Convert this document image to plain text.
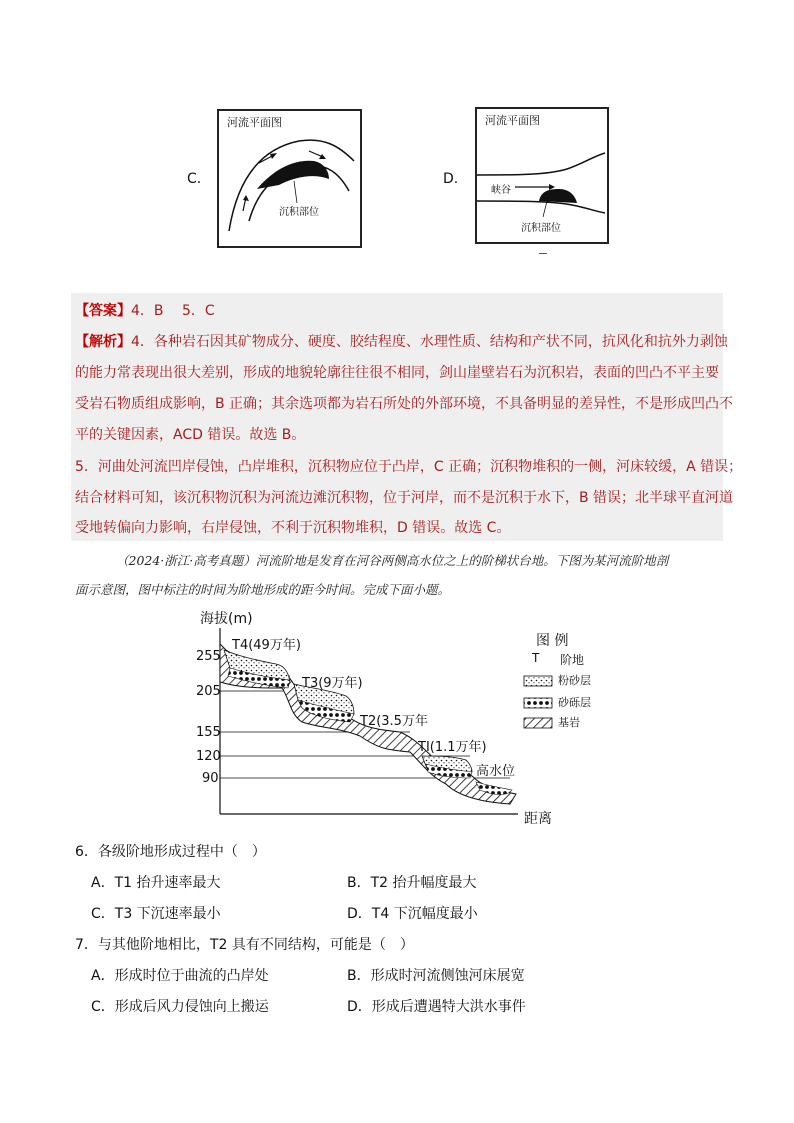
C.
河流平面图
沉积部位
D.
河流平面图
峡谷
沉积部位
【答案】4．B　 5．C
【解析】4．各种岩石因其矿物成分、硬度、胶结程度、水理性质、结构和产状不同，抗风化和抗外力剥蚀
的能力常表现出很大差别，形成的地貌轮廓往往很不相同，剑山崖壁岩石为沉积岩，表面的凹凸不平主要
受岩石物质组成影响，B 正确；其余选项都为岩石所处的外部环境，不具备明显的差异性，不是形成凹凸不
平的关键因素，ACD 错误。故选 B。
5．河曲处河流凹岸侵蚀，凸岸堆积，沉积物应位于凸岸，C 正确；沉积物堆积的一侧，河床较缓，A 错误；
结合材料可知，该沉积物沉积为河流边滩沉积物，位于河岸，而不是沉积于水下，B 错误；北半球平直河道
受地转偏向力影响，右岸侵蚀，不利于沉积物堆积，D 错误。故选 C。
（2024·浙江·高考真题）河流阶地是发育在河谷两侧高水位之上的阶梯状台地。下图为某河流阶地剖
面示意图，图中标注的时间为阶地形成的距今时间。完成下面小题。
海拔(m)
255
205
155
120
90
距离
T4(49万年)
T3(9万年)
T2(3.5万年
TI(1.1万年)
高水位
图 例
T 阶地
粉砂层
砂砾层
基岩
6．各级阶地形成过程中（　）
A．T1 抬升速率最大	B．T2 抬升幅度最大
C．T3 下沉速率最小	D．T4 下沉幅度最小
7．与其他阶地相比，T2 具有不同结构，可能是（　）
A．形成时位于曲流的凸岸处	B．形成时河流侧蚀河床展宽
C．形成后风力侵蚀向上搬运	D．形成后遭遇特大洪水事件
